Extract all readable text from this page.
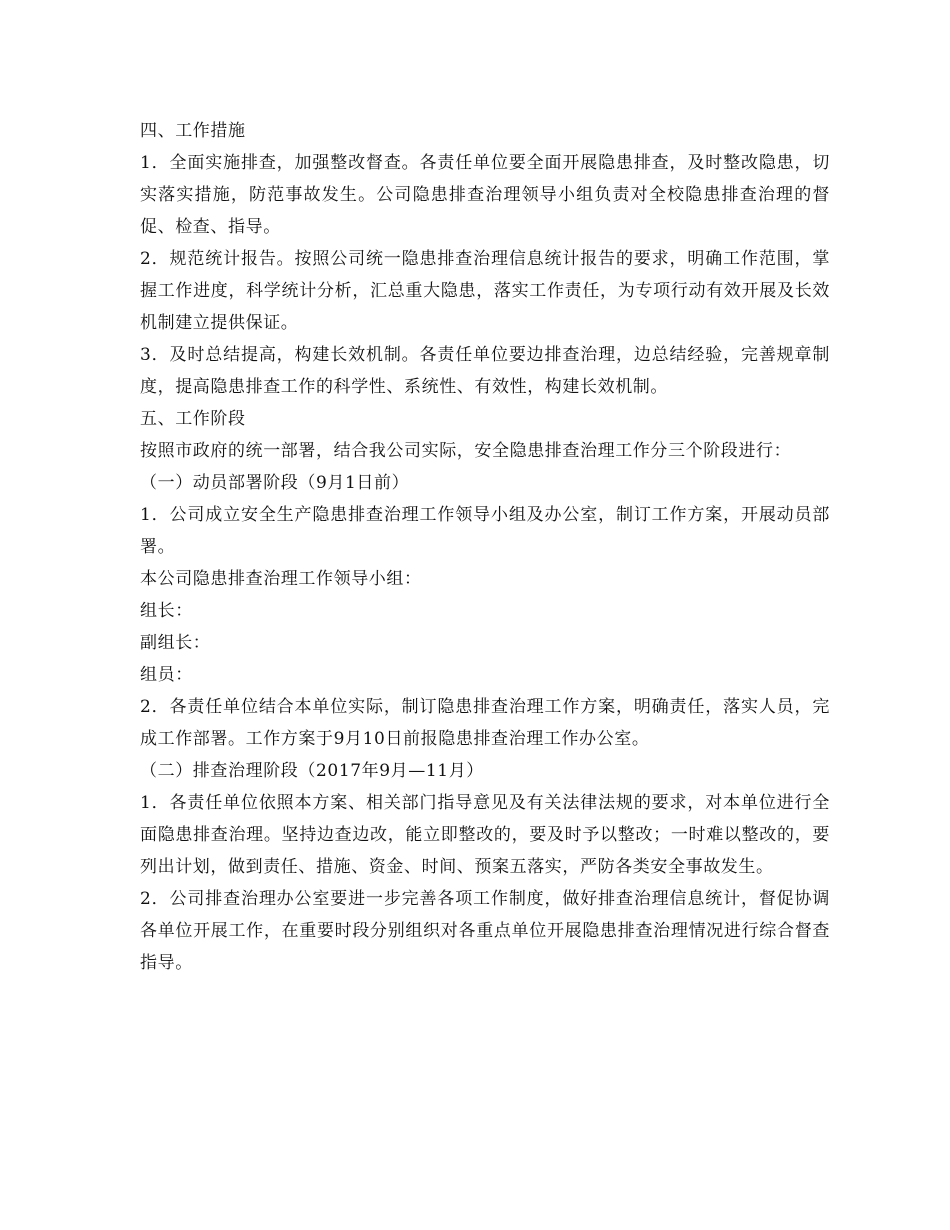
四、工作措施

1．全面实施排查，加强整改督查。各责任单位要全面开展隐患排查，及时整改隐患，切实落实措施，防范事故发生。公司隐患排查治理领导小组负责对全校隐患排查治理的督促、检查、指导。

2．规范统计报告。按照公司统一隐患排查治理信息统计报告的要求，明确工作范围，掌握工作进度，科学统计分析，汇总重大隐患，落实工作责任，为专项行动有效开展及长效机制建立提供保证。

3．及时总结提高，构建长效机制。各责任单位要边排查治理，边总结经验，完善规章制度，提高隐患排查工作的科学性、系统性、有效性，构建长效机制。

五、工作阶段

按照市政府的统一部署，结合我公司实际，安全隐患排查治理工作分三个阶段进行：

（一）动员部署阶段（9月1日前）

1．公司成立安全生产隐患排查治理工作领导小组及办公室，制订工作方案，开展动员部署。

本公司隐患排查治理工作领导小组：

组长：

副组长：

组员：

2．各责任单位结合本单位实际，制订隐患排查治理工作方案，明确责任，落实人员，完成工作部署。工作方案于9月10日前报隐患排查治理工作办公室。

（二）排查治理阶段（2017年9月—11月）

1．各责任单位依照本方案、相关部门指导意见及有关法律法规的要求，对本单位进行全面隐患排查治理。坚持边查边改，能立即整改的，要及时予以整改；一时难以整改的，要列出计划，做到责任、措施、资金、时间、预案五落实，严防各类安全事故发生。

2．公司排查治理办公室要进一步完善各项工作制度，做好排查治理信息统计，督促协调各单位开展工作，在重要时段分别组织对各重点单位开展隐患排查治理情况进行综合督查指导。
